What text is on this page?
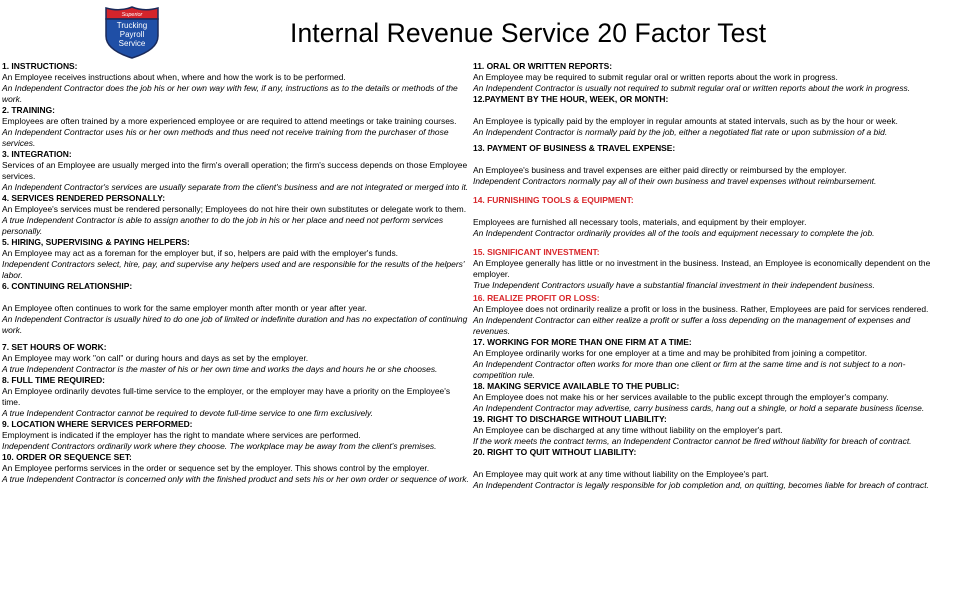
Superior
Trucking
Payroll
Service	Internal Revenue Service 20 Factor Test
1. INSTRUCTIONS:
An Employee receives instructions about when, where and how the work is to be performed.
An Independent Contractor does the job his or her own way with few, if any, instructions as to the details or methods of the work.
2. TRAINING:
Employees are often trained by a more experienced employee or are required to attend meetings or take training courses.
An Independent Contractor uses his or her own methods and thus need not receive training from the purchaser of those services.
3. INTEGRATION:
Services of an Employee are usually merged into the firm's overall operation; the firm's success depends on those Employee services.
An Independent Contractor's services are usually separate from the client's business and are not integrated or merged into it.
4. SERVICES RENDERED PERSONALLY:
An Employee's services must be rendered personally; Employees do not hire their own substitutes or delegate work to them.
A true Independent Contractor is able to assign another to do the job in his or her place and need not perform services personally.
5. HIRING, SUPERVISING & PAYING HELPERS:
An Employee may act as a foreman for the employer but, if so, helpers are paid with the employer's funds.
Independent Contractors select, hire, pay, and supervise any helpers used and are responsible for the results of the helpers' labor.
6. CONTINUING RELATIONSHIP:
An Employee often continues to work for the same employer month after month or year after year.
An Independent Contractor is usually hired to do one job of limited or indefinite duration and has no expectation of continuing work.
7. SET HOURS OF WORK:
An Employee may work "on call" or during hours and days as set by the employer.
A true Independent Contractor is the master of his or her own time and works the days and hours he or she chooses.
8. FULL TIME REQUIRED:
An Employee ordinarily devotes full-time service to the employer, or the employer may have a priority on the Employee's time.
A true Independent Contractor cannot be required to devote full-time service to one firm exclusively.
9. LOCATION WHERE SERVICES PERFORMED:
Employment is indicated if the employer has the right to mandate where services are performed.
Independent Contractors ordinarily work where they choose. The workplace may be away from the client's premises.
10. ORDER OR SEQUENCE SET:
An Employee performs services in the order or sequence set by the employer. This shows control by the employer.
A true Independent Contractor is concerned only with the finished product and sets his or her own order or sequence of work.
11. ORAL OR WRITTEN REPORTS:
An Employee may be required to submit regular oral or written reports about the work in progress.
An Independent Contractor is usually not required to submit regular oral or written reports about the work in progress.
12.PAYMENT BY THE HOUR, WEEK, OR MONTH:
An Employee is typically paid by the employer in regular amounts at stated intervals, such as by the hour or week.
An Independent Contractor is normally paid by the job, either a negotiated flat rate or upon submission of a bid.
13. PAYMENT OF BUSINESS & TRAVEL EXPENSE:
An Employee's business and travel expenses are either paid directly or reimbursed by the employer.
Independent Contractors normally pay all of their own business and travel expenses without reimbursement.
14. FURNISHING TOOLS & EQUIPMENT:
Employees are furnished all necessary tools, materials, and equipment by their employer.
An Independent Contractor ordinarily provides all of the tools and equipment necessary to complete the job.
15. SIGNIFICANT INVESTMENT:
An Employee generally has little or no investment in the business. Instead, an Employee is economically dependent on the employer.
True Independent Contractors usually have a substantial financial investment in their independent business.
16. REALIZE PROFIT OR LOSS:
An Employee does not ordinarily realize a profit or loss in the business. Rather, Employees are paid for services rendered.
An Independent Contractor can either realize a profit or suffer a loss depending on the management of expenses and revenues.
17. WORKING FOR MORE THAN ONE FIRM AT A TIME:
An Employee ordinarily works for one employer at a time and may be prohibited from joining a competitor.
An Independent Contractor often works for more than one client or firm at the same time and is not subject to a non-competition rule.
18. MAKING SERVICE AVAILABLE TO THE PUBLIC:
An Employee does not make his or her services available to the public except through the employer's company.
An Independent Contractor may advertise, carry business cards, hang out a shingle, or hold a separate business license.
19. RIGHT TO DISCHARGE WITHOUT LIABILITY:
An Employee can be discharged at any time without liability on the employer's part.
If the work meets the contract terms, an Independent Contractor cannot be fired without liability for breach of contract.
20. RIGHT TO QUIT WITHOUT LIABILITY:
An Employee may quit work at any time without liability on the Employee's part.
An Independent Contractor is legally responsible for job completion and, on quitting, becomes liable for breach of contract.
